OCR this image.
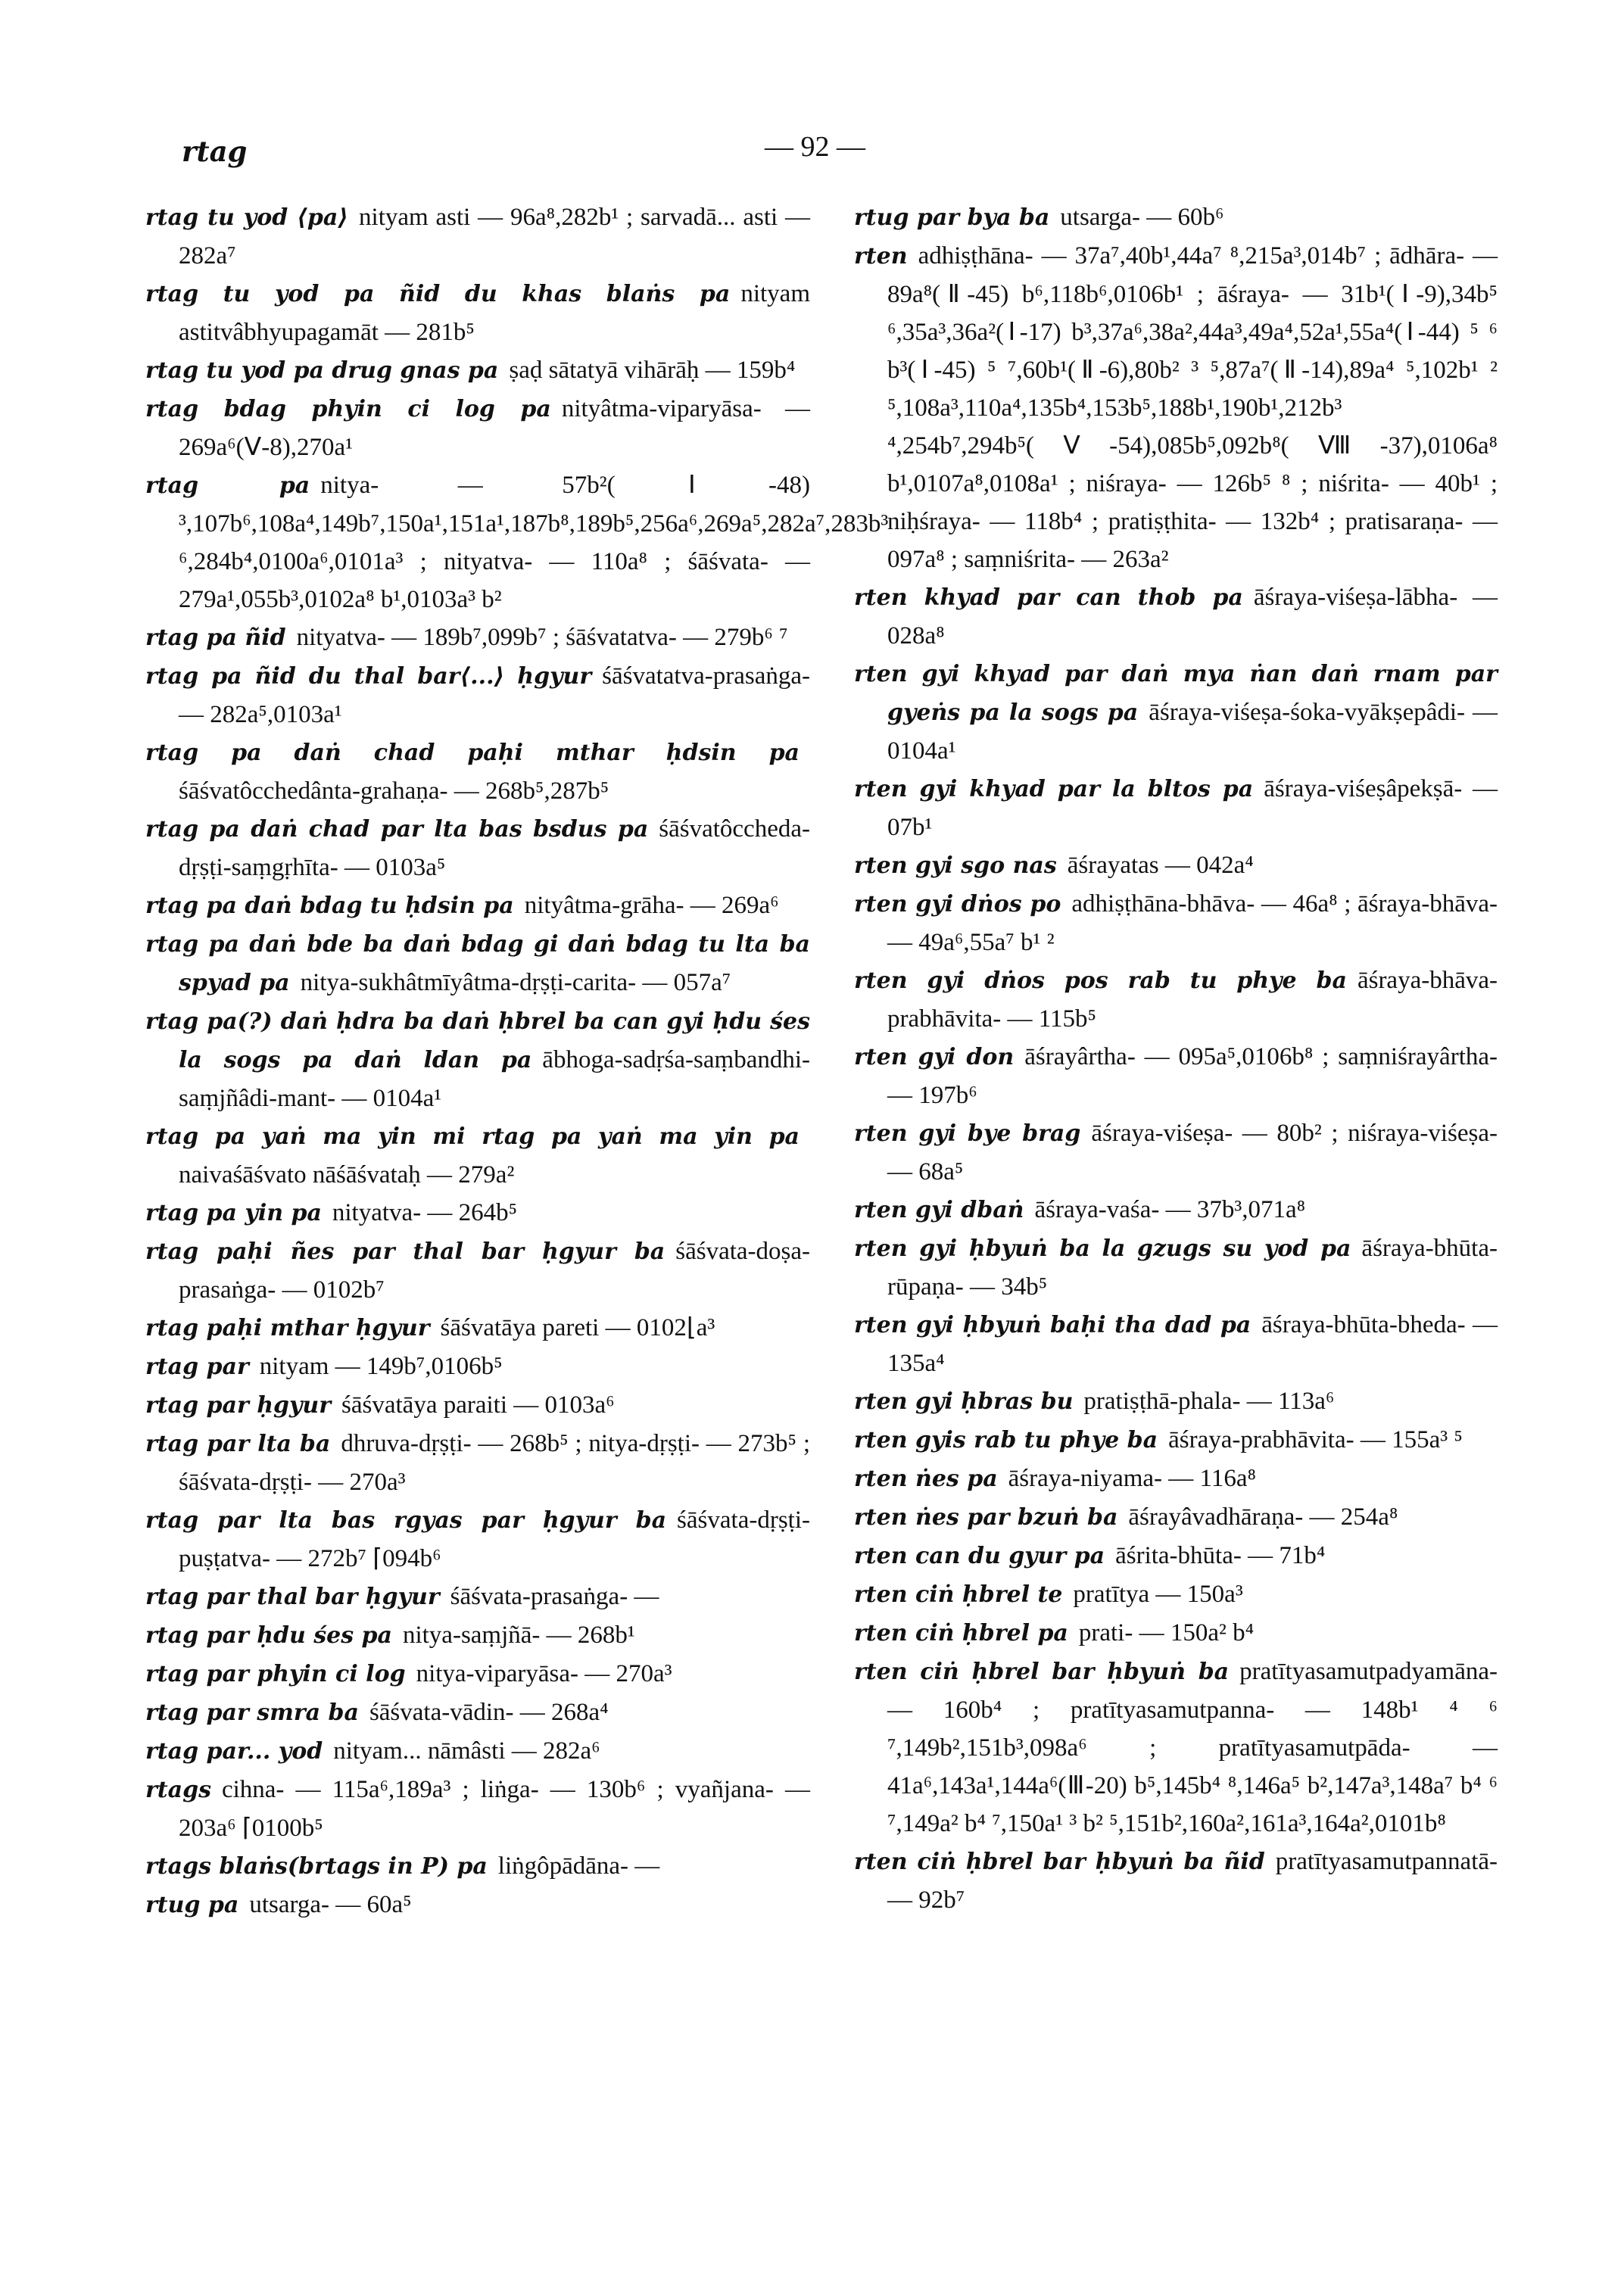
rtag	— 92 —
rtag tu yod ⟨pa⟩ nityam asti — 96a⁸,282b¹ ; sarvadā... asti — 282a⁷
rtag tu yod pa ñid du khas blaṅs pa nityam astitvâbhyupagamāt — 281b⁵
rtag tu yod pa drug gnas pa ṣaḍ sātatyā vihārāḥ — 159b⁴
rtag bdag phyin ci log pa nityâtma-viparyāsa- — 269a⁶(Ⅴ-8),270a¹
rtag pa nitya- — 57b²(Ⅰ-48) ³,107b⁶,108a⁴,149b⁷,150a¹,151a¹,187b⁸,189b⁵,256a⁶,269a⁵,282a⁷,283b³ ⁶,284b⁴,0100a⁶,0101a³ ; nityatva- — 110a⁸ ; śāśvata- — 279a¹,055b³,0102a⁸ b¹,0103a³ b²
rtag pa ñid nityatva- — 189b⁷,099b⁷ ; śāśvatatva- — 279b⁶ ⁷
rtag pa ñid du thal bar⟨...⟩ ḥgyur śāśvatatva-prasaṅga- — 282a⁵,0103a¹
rtag pa daṅ chad paḥi mthar ḥdsin paśāśvatôcchedânta-grahaṇa- — 268b⁵,287b⁵
rtag pa daṅ chad par lta bas bsdus pa śāśvatôccheda-dṛṣṭi-saṃgṛhīta- — 0103a⁵
rtag pa daṅ bdag tu ḥdsin pa nityâtma-grāha- — 269a⁶
rtag pa daṅ bde ba daṅ bdag gi daṅ bdag tu lta ba spyad pa nitya-sukhâtmīyâtma-dṛṣṭi-carita- — 057a⁷
rtag pa(?) daṅ ḥdra ba daṅ ḥbrel ba can gyi ḥdu śes la sogs pa daṅ ldan pa ābhoga-sadṛśa-saṃbandhi-saṃjñâdi-mant- — 0104a¹
rtag pa yaṅ ma yin mi rtag pa yaṅ ma yin panaivaśāśvato nāśāśvataḥ — 279a²
rtag pa yin pa nityatva- — 264b⁵
rtag paḥi ñes par thal bar ḥgyur ba śāśvata-doṣa-prasaṅga- — 0102b⁷
rtag paḥi mthar ḥgyur śāśvatāya pareti — 0102⌊a³
rtag par nityam — 149b⁷,0106b⁵
rtag par ḥgyur śāśvatāya paraiti — 0103a⁶
rtag par lta ba dhruva-dṛṣṭi- — 268b⁵ ; nitya-dṛṣṭi- — 273b⁵ ; śāśvata-dṛṣṭi- — 270a³
rtag par lta bas rgyas par ḥgyur ba śāśvata-dṛṣṭi-puṣṭatva- — 272b⁷ ⌈094b⁶
rtag par thal bar ḥgyur śāśvata-prasaṅga- —
rtag par ḥdu śes pa nitya-saṃjñā- — 268b¹
rtag par phyin ci log nitya-viparyāsa- — 270a³
rtag par smra ba śāśvata-vādin- — 268a⁴
rtag par... yod nityam... nāmâsti — 282a⁶
rtags cihna- — 115a⁶,189a³ ; liṅga- — 130b⁶ ; vyañjana- — 203a⁶ ⌈0100b⁵
rtags blaṅs(brtags in P) pa liṅgôpādāna- —
rtug pa utsarga- — 60a⁵
rtug par bya ba utsarga- — 60b⁶
rten adhiṣṭhāna- — 37a⁷,40b¹,44a⁷ ⁸,215a³,014b⁷ ; ādhāra- — 89a⁸(Ⅱ-45) b⁶,118b⁶,0106b¹ ; āśraya- — 31b¹(Ⅰ-9),34b⁵ ⁶,35a³,36a²(Ⅰ-17) b³,37a⁶,38a²,44a³,49a⁴,52a¹,55a⁴(Ⅰ-44) ⁵ ⁶ b³(Ⅰ-45) ⁵ ⁷,60b¹(Ⅱ-6),80b² ³ ⁵,87a⁷(Ⅱ-14),89a⁴ ⁵,102b¹ ² ⁵,108a³,110a⁴,135b⁴,153b⁵,188b¹,190b¹,212b³ ⁴,254b⁷,294b⁵(Ⅴ-54),085b⁵,092b⁸(Ⅷ-37),0106a⁸ b¹,0107a⁸,0108a¹ ; niśraya- — 126b⁵ ⁸ ; niśrita- — 40b¹ ; niḥśraya- — 118b⁴ ; pratiṣṭhita- — 132b⁴ ; pratisaraṇa- — 097a⁸ ; saṃniśrita- — 263a²
rten khyad par can thob pa āśraya-viśeṣa-lābha- — 028a⁸
rten gyi khyad par daṅ mya ṅan daṅ rnam par gyeṅs pa la sogs pa āśraya-viśeṣa-śoka-vyākṣepâdi- — 0104a¹
rten gyi khyad par la bltos pa āśraya-viśeṣâpekṣā- — 07b¹
rten gyi sgo nas āśrayatas — 042a⁴
rten gyi dṅos po adhiṣṭhāna-bhāva- — 46a⁸ ; āśraya-bhāva- — 49a⁶,55a⁷ b¹ ²
rten gyi dṅos pos rab tu phye ba āśraya-bhāva-prabhāvita- — 115b⁵
rten gyi don āśrayârtha- — 095a⁵,0106b⁸ ; saṃniśrayârtha- — 197b⁶
rten gyi bye brag āśraya-viśeṣa- — 80b² ; niśraya-viśeṣa- — 68a⁵
rten gyi dbaṅ āśraya-vaśa- — 37b³,071a⁸
rten gyi ḥbyuṅ ba la gzugs su yod pa āśraya-bhūta-rūpaṇa- — 34b⁵
rten gyi ḥbyuṅ baḥi tha dad pa āśraya-bhūta-bheda- — 135a⁴
rten gyi ḥbras bu pratiṣṭhā-phala- — 113a⁶
rten gyis rab tu phye ba āśraya-prabhāvita- — 155a³ ⁵
rten ṅes pa āśraya-niyama- — 116a⁸
rten ṅes par bzuṅ ba āśrayâvadhāraṇa- — 254a⁸
rten can du gyur pa āśrita-bhūta- — 71b⁴
rten ciṅ ḥbrel te pratītya — 150a³
rten ciṅ ḥbrel pa prati- — 150a² b⁴
rten ciṅ ḥbrel bar ḥbyuṅ ba pratītyasamutpadyamāna- — 160b⁴ ; pratītyasamutpanna- — 148b¹ ⁴ ⁶ ⁷,149b²,151b³,098a⁶ ; pratītyasamutpāda- — 41a⁶,143a¹,144a⁶(Ⅲ-20) b⁵,145b⁴ ⁸,146a⁵ b²,147a³,148a⁷ b⁴ ⁶ ⁷,149a² b⁴ ⁷,150a¹ ³ b² ⁵,151b²,160a²,161a³,164a²,0101b⁸
rten ciṅ ḥbrel bar ḥbyuṅ ba ñid pratītyasamutpannatā- — 92b⁷
